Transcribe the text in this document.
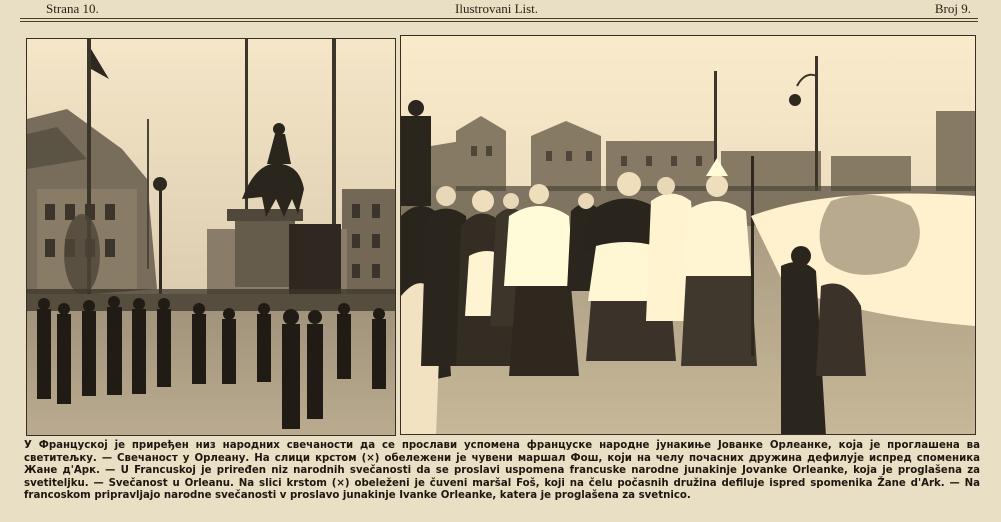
Strana 10.	Ilustrovani List.	Broj 9.

У Француској је приређен низ народних свечаности да се прослави успомена француске народне јунакиње Јованке Орлеанке, која је проглашена ва светитељку. — Свечаност у Орлеану. На слици крстом (×) обележени је чувени маршал Фош, који на челу почасних дружина дефилује испред споменика Жане д'Арк. — U Francuskoj je priređen niz narodnih svečanosti da se proslavi uspomena francuske narodne junakinje Jovanke Orleanke, koja je proglašena za svetiteljku. — Svečanost u Orleanu. Na slici krstom (×) obeleženi je čuveni maršal Foš, koji na čelu počasnih družina defiluje ispred spomenika Žane d'Ark. — Na francoskom pripravljajo narodne svečanosti v proslavo junakinje Ivanke Orleanke, katera je proglašena za svetnico.
